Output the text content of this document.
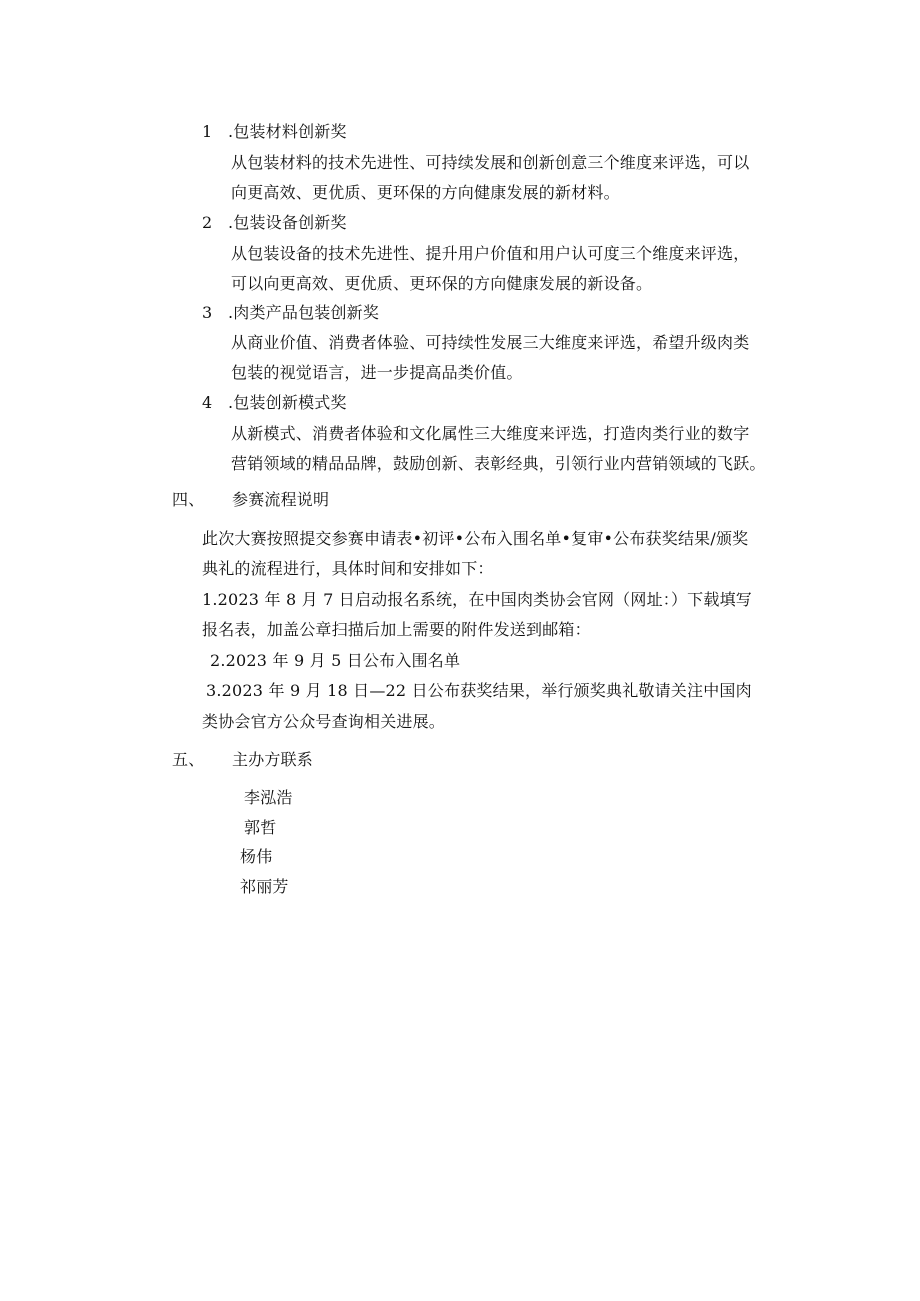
1 .包装材料创新奖
从包装材料的技术先进性、可持续发展和创新创意三个维度来评选，可以
向更高效、更优质、更环保的方向健康发展的新材料。
2 .包装设备创新奖
从包装设备的技术先进性、提升用户价值和用户认可度三个维度来评选，
可以向更高效、更优质、更环保的方向健康发展的新设备。
3 .肉类产品包装创新奖
从商业价值、消费者体验、可持续性发展三大维度来评选，希望升级肉类
包装的视觉语言，进一步提高品类价值。
4 .包装创新模式奖
从新模式、消费者体验和文化属性三大维度来评选，打造肉类行业的数字
营销领域的精品品牌，鼓励创新、表彰经典，引领行业内营销领域的飞跃。
四、 参赛流程说明
此次大赛按照提交参赛申请表•初评•公布入围名单•复审•公布获奖结果/颁奖
典礼的流程进行，具体时间和安排如下：
1.2023 年 8 月 7 日启动报名系统，在中国肉类协会官网（网址：）下载填写
报名表，加盖公章扫描后加上需要的附件发送到邮箱：
2.2023 年 9 月 5 日公布入围名单
3.2023 年 9 月 18 日—22 日公布获奖结果，举行颁奖典礼敬请关注中国肉
类协会官方公众号查询相关进展。
五、 主办方联系
李泓浩
郭哲
杨伟
祁丽芳
